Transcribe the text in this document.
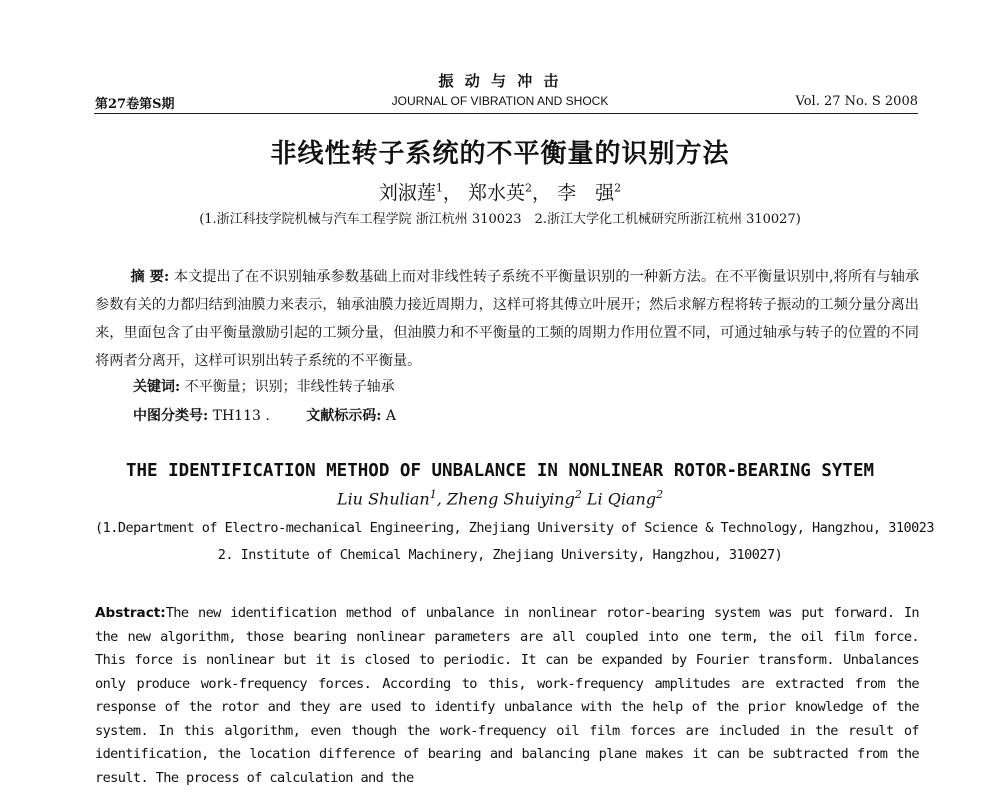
振 动 与 冲 击
第27卷第S期	JOURNAL OF VIBRATION AND SHOCK	Vol. 27 No. S 2008
非线性转子系统的不平衡量的识别方法
刘淑莲$^1$， 郑水英$^2$， 李　强$^2$
(1.浙江科技学院机械与汽车工程学院 浙江杭州 310023　2.浙江大学化工机械研究所浙江杭州 310027)
摘 要: 本文提出了在不识别轴承参数基础上而对非线性转子系统不平衡量识别的一种新方法。在不平衡量识别中,将所有与轴承参数有关的力都归结到油膜力来表示，轴承油膜力接近周期力，这样可将其傅立叶展开；然后求解方程将转子振动的工频分量分离出来，里面包含了由平衡量激励引起的工频分量，但油膜力和不平衡量的工频的周期力作用位置不同，可通过轴承与转子的位置的不同将两者分离开，这样可识别出转子系统的不平衡量。
关键词: 不平衡量；识别；非线性转子轴承
中图分类号: TH113 .	文献标示码: A
THE IDENTIFICATION METHOD OF UNBALANCE IN NONLINEAR ROTOR-BEARING SYTEM
Liu Shulian$^1$, Zheng Shuiying$^2$ Li Qiang$^2$
(1.Department of Electro-mechanical Engineering, Zhejiang University of Science & Technology, Hangzhou, 310023
2. Institute of Chemical Machinery, Zhejiang University, Hangzhou, 310027)
Abstract:The new identification method of unbalance in nonlinear rotor-bearing system was put forward. In the new algorithm, those bearing nonlinear parameters are all coupled into one term, the oil film force. This force is nonlinear but it is closed to periodic. It can be expanded by Fourier transform. Unbalances only produce work-frequency forces. According to this, work-frequency amplitudes are extracted from the response of the rotor and they are used to identify unbalance with the help of the prior knowledge of the system. In this algorithm, even though the work-frequency oil film forces are included in the result of identification, the location difference of bearing and balancing plane makes it can be subtracted from the result. The process of calculation and the
